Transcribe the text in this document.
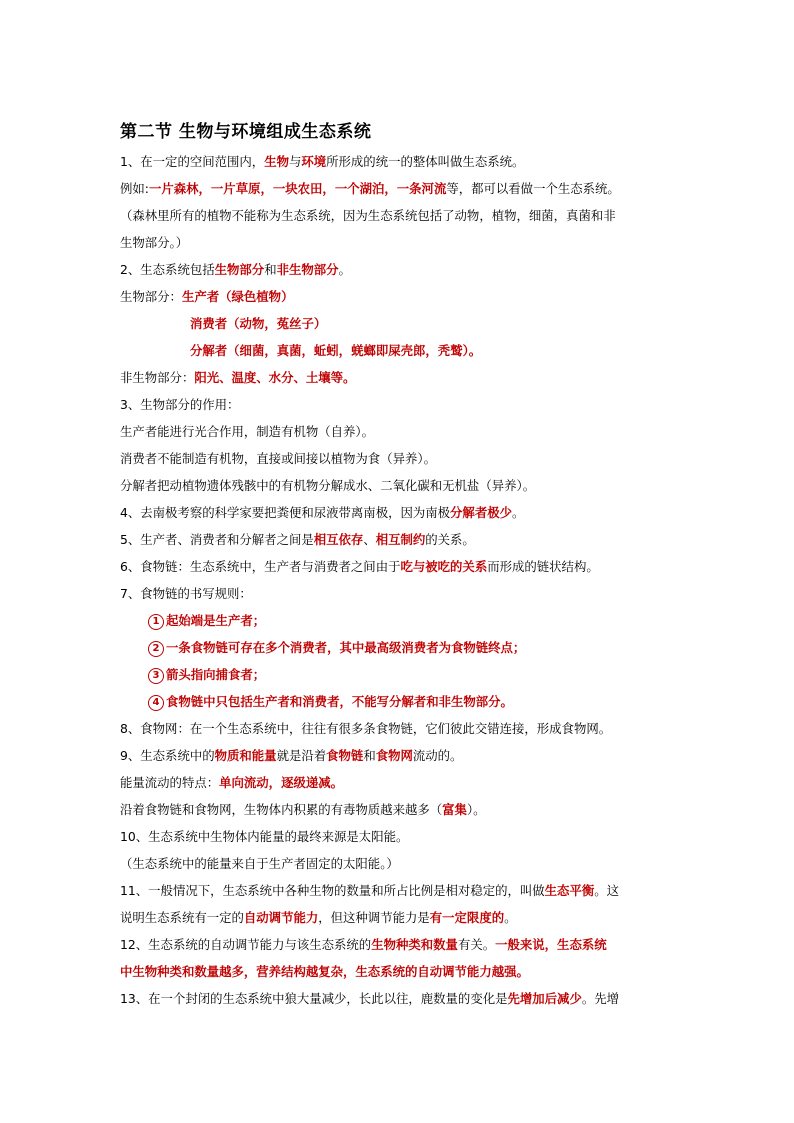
第二节 生物与环境组成生态系统
1、在一定的空间范围内，生物与环境所形成的统一的整体叫做生态系统。
例如:一片森林，一片草原，一块农田，一个湖泊，一条河流等，都可以看做一个生态系统。
（森林里所有的植物不能称为生态系统，因为生态系统包括了动物，植物，细菌，真菌和非
生物部分。）
2、生态系统包括生物部分和非生物部分。
生物部分：生产者（绿色植物）
消费者（动物，菟丝子）
分解者（细菌，真菌，蚯蚓，蜣螂即屎壳郎，秃鹫）。
非生物部分：阳光、温度、水分、土壤等。
3、生物部分的作用：
生产者能进行光合作用，制造有机物（自养）。
消费者不能制造有机物，直接或间接以植物为食（异养）。
分解者把动植物遗体残骸中的有机物分解成水、二氧化碳和无机盐（异养）。
4、去南极考察的科学家要把粪便和尿液带离南极，因为南极分解者极少。
5、生产者、消费者和分解者之间是相互依存、相互制约的关系。
6、食物链：生态系统中，生产者与消费者之间由于吃与被吃的关系而形成的链状结构。
7、食物链的书写规则：
1 起始端是生产者；
2 一条食物链可存在多个消费者，其中最高级消费者为食物链终点；
3 箭头指向捕食者；
4 食物链中只包括生产者和消费者，不能写分解者和非生物部分。
8、食物网：在一个生态系统中，往往有很多条食物链，它们彼此交错连接，形成食物网。
9、生态系统中的物质和能量就是沿着食物链和食物网流动的。
能量流动的特点：单向流动，逐级递减。
沿着食物链和食物网，生物体内积累的有毒物质越来越多（富集）。
10、生态系统中生物体内能量的最终来源是太阳能。
（生态系统中的能量来自于生产者固定的太阳能。）
11、一般情况下，生态系统中各种生物的数量和所占比例是相对稳定的，叫做生态平衡。这
说明生态系统有一定的自动调节能力，但这种调节能力是有一定限度的。
12、生态系统的自动调节能力与该生态系统的生物种类和数量有关。一般来说，生态系统
中生物种类和数量越多，营养结构越复杂，生态系统的自动调节能力越强。
13、在一个封闭的生态系统中狼大量减少，长此以往，鹿数量的变化是先增加后减少。先增
